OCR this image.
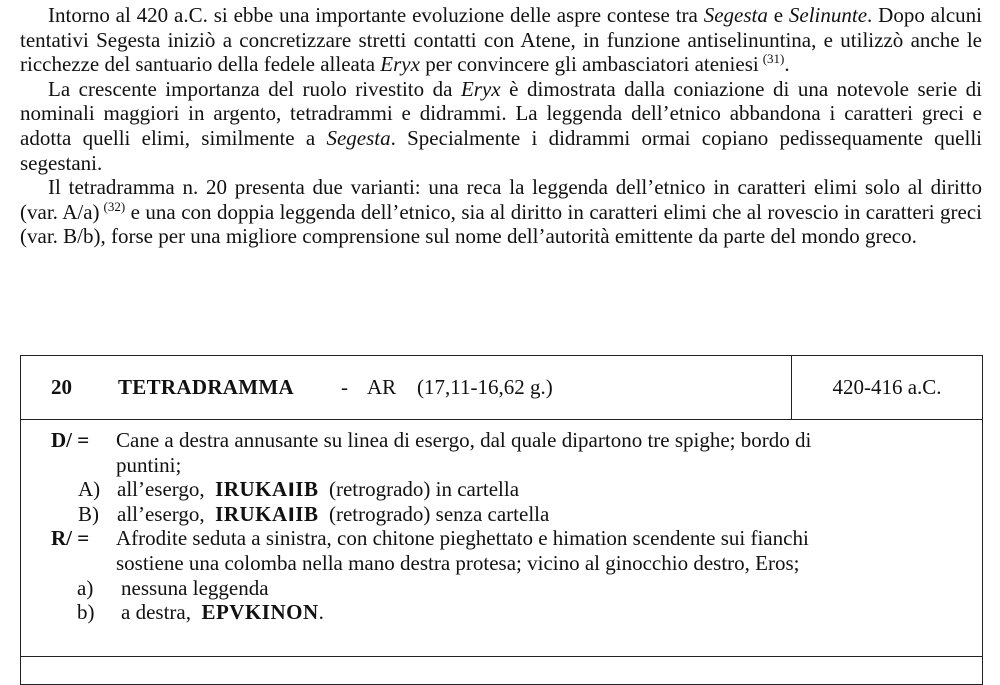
Intorno al 420 a.C. si ebbe una importante evoluzione delle aspre contese tra Segesta e Selinunte. Dopo alcuni tentativi Segesta iniziò a concretizzare stretti contatti con Atene, in funzione antiselinuntina, e utilizzò anche le ricchezze del santuario della fedele alleata Eryx per convincere gli ambasciatori ateniesi $^{(31)}$.

La crescente importanza del ruolo rivestito da Eryx è dimostrata dalla coniazione di una notevole serie di nominali maggiori in argento, tetradrammi e didrammi. La leggenda dell’etnico abbandona i caratteri greci e adotta quelli elimi, similmente a Segesta. Specialmente i didrammi ormai copiano pedissequamente quelli segestani.

Il tetradramma n. 20 presenta due varianti: una reca la leggenda dell’etnico in caratteri elimi solo al diritto (var. A/a) $^{(32)}$ e una con doppia leggenda dell’etnico, sia al diritto in caratteri elimi che al rovescio in caratteri greci (var. B/b), forse per una migliore comprensione sul nome dell’autorità emittente da parte del mondo greco.

20 TETRADRAMMA - AR (17,11-16,62 g.)	420-416 a.C.
D/ = Cane a destra annusante su linea di esergo, dal quale dipartono tre spighe; bordo di
puntini;
A) all’esergo, IRUKAIIB (retrogrado) in cartella
B) all’esergo, IRUKAIIB (retrogrado) senza cartella
R/ = Afrodite seduta a sinistra, con chitone pieghettato e himation scendente sui fianchi
sostiene una colomba nella mano destra protesa; vicino al ginocchio destro, Eros;
a) nessuna leggenda
b) a destra, EPVKINON.
